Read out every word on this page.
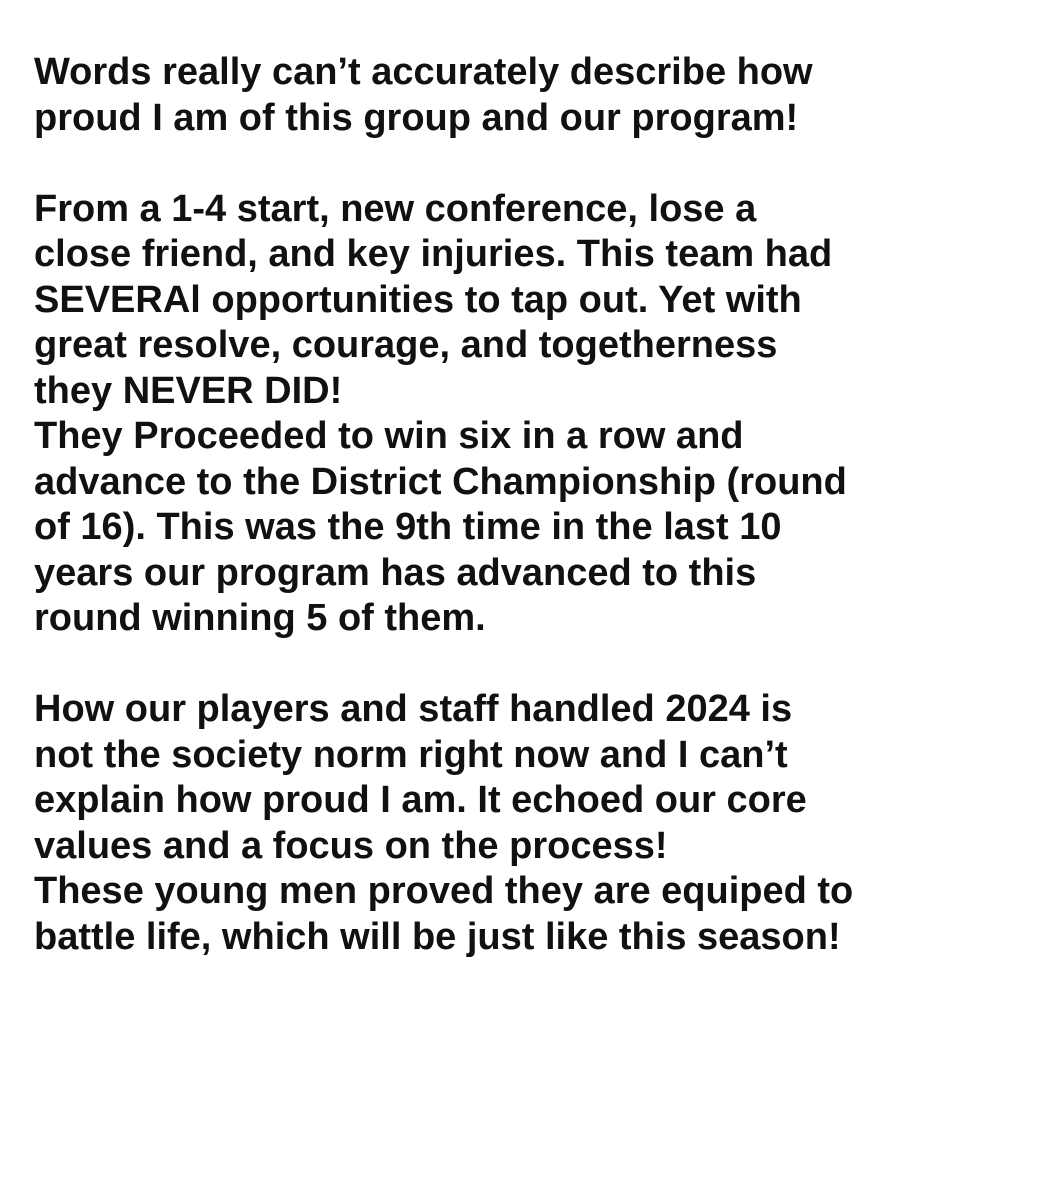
Words really can’t accurately describe how
proud I am of this group and our program!
From a 1-4 start, new conference, lose a
close friend, and key injuries. This team had
SEVERAl opportunities to tap out. Yet with
great resolve, courage, and togetherness
they NEVER DID!
They Proceeded to win six in a row and
advance to the District Championship (round
of 16). This was the 9th time in the last 10
years our program has advanced to this
round winning 5 of them.
How our players and staff handled 2024 is
not the society norm right now and I can’t
explain how proud I am. It echoed our core
values and a focus on the process!
These young men proved they are equiped to
battle life, which will be just like this season!
